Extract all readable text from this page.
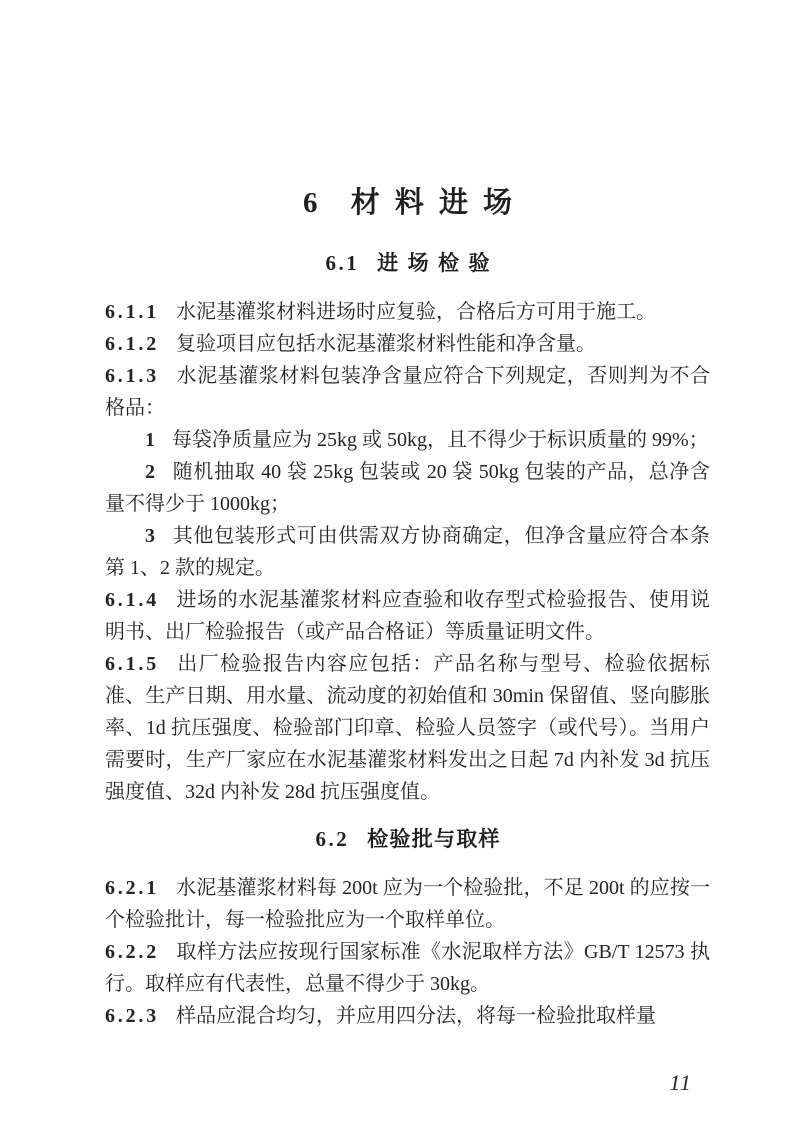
6 材料进场
6.1 进场检验

6.1.1 水泥基灌浆材料进场时应复验，合格后方可用于施工。

6.1.2 复验项目应包括水泥基灌浆材料性能和净含量。

6.1.3 水泥基灌浆材料包装净含量应符合下列规定，否则判为不合格品：

1 每袋净质量应为 25kg 或 50kg，且不得少于标识质量的 99%；

2 随机抽取 40 袋 25kg 包装或 20 袋 50kg 包装的产品，总净含量不得少于 1000kg；

3 其他包装形式可由供需双方协商确定，但净含量应符合本条第 1、2 款的规定。

6.1.4 进场的水泥基灌浆材料应查验和收存型式检验报告、使用说明书、出厂检验报告（或产品合格证）等质量证明文件。

6.1.5 出厂检验报告内容应包括：产品名称与型号、检验依据标准、生产日期、用水量、流动度的初始值和 30min 保留值、竖向膨胀率、1d 抗压强度、检验部门印章、检验人员签字（或代号）。当用户需要时，生产厂家应在水泥基灌浆材料发出之日起 7d 内补发 3d 抗压强度值、32d 内补发 28d 抗压强度值。

6.2 检验批与取样

6.2.1 水泥基灌浆材料每 200t 应为一个检验批，不足 200t 的应按一个检验批计，每一检验批应为一个取样单位。

6.2.2 取样方法应按现行国家标准《水泥取样方法》GB/T 12573 执行。取样应有代表性，总量不得少于 30kg。

6.2.3 样品应混合均匀，并应用四分法，将每一检验批取样量

11
